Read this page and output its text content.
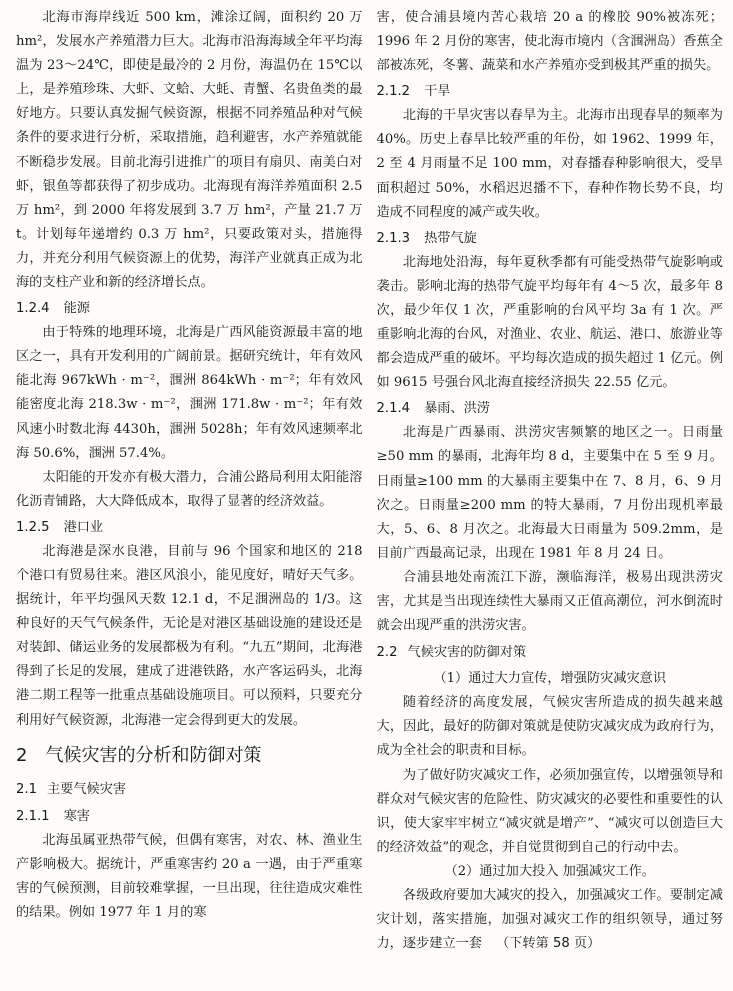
北海市海岸线近 500 km，滩涂辽阔，面积约 20 万 hm²，发展水产养殖潜力巨大。北海市沿海海域全年平均海温为 23～24℃，即使是最冷的 2 月份，海温仍在 15℃以上，是养殖珍珠、大虾、文蛤、大蚝、青蟹、名贵鱼类的最好地方。只要认真发掘气候资源，根据不同养殖品种对气候条件的要求进行分析，采取措施，趋利避害，水产养殖就能不断稳步发展。目前北海引进推广的项目有扇贝、南美白对虾，银鱼等都获得了初步成功。北海现有海洋养殖面积 2.5 万 hm²，到 2000 年将发展到 3.7 万 hm²，产量 21.7 万 t。计划每年递增约 0.3 万 hm²，只要政策对头，措施得力，并充分利用气候资源上的优势，海洋产业就真正成为北海的支柱产业和新的经济增长点。

1.2.4 能源

由于特殊的地理环境，北海是广西风能资源最丰富的地区之一，具有开发利用的广阔前景。据研究统计，年有效风能北海 967kWh · m⁻²，涠洲 864kWh · m⁻²；年有效风能密度北海 218.3w · m⁻²，涠洲 171.8w · m⁻²；年有效风速小时数北海 4430h，涠洲 5028h；年有效风速频率北海 50.6%，涠洲 57.4%。

太阳能的开发亦有极大潜力，合浦公路局利用太阳能溶化沥青铺路，大大降低成本，取得了显著的经济效益。

1.2.5 港口业

北海港是深水良港，目前与 96 个国家和地区的 218 个港口有贸易往来。港区风浪小，能见度好，晴好天气多。据统计，年平均强风天数 12.1 d，不足涠洲岛的 1/3。这种良好的天气气候条件，无论是对港区基础设施的建设还是对装卸、储运业务的发展都极为有利。“九五”期间，北海港得到了长足的发展，建成了进港铁路，水产客运码头，北海港二期工程等一批重点基础设施项目。可以预料，只要充分利用好气候资源，北海港一定会得到更大的发展。

2 气候灾害的分析和防御对策
2.1 主要气候灾害
2.1.1 寒害

北海虽属亚热带气候，但偶有寒害，对农、林、渔业生产影响极大。据统计，严重寒害约 20 a 一遇，由于严重寒害的气候预测，目前较难掌握，一旦出现，往往造成灾难性的结果。例如 1977 年 1 月的寒

害，使合浦县境内苦心栽培 20 a 的橡胶 90%被冻死；1996 年 2 月份的寒害，使北海市境内（含涠洲岛）香蕉全部被冻死，冬薯、蔬菜和水产养殖亦受到极其严重的损失。

2.1.2 干旱

北海的干旱灾害以春旱为主。北海市出现春旱的频率为 40%。历史上春旱比较严重的年份，如 1962、1999 年，2 至 4 月雨量不足 100 mm，对春播春种影响很大，受旱面积超过 50%，水稻迟迟播不下，春种作物长势不良，均造成不同程度的减产或失收。

2.1.3 热带气旋

北海地处沿海，每年夏秋季都有可能受热带气旋影响或袭击。影响北海的热带气旋平均每年有 4～5 次，最多年 8 次，最少年仅 1 次，严重影响的台风平均 3a 有 1 次。严重影响北海的台风，对渔业、农业、航运、港口、旅游业等都会造成严重的破坏。平均每次造成的损失超过 1 亿元。例如 9615 号强台风北海直接经济损失 22.55 亿元。

2.1.4 暴雨、洪涝

北海是广西暴雨、洪涝灾害频繁的地区之一。日雨量≥50 mm 的暴雨，北海年均 8 d，主要集中在 5 至 9 月。日雨量≥100 mm 的大暴雨主要集中在 7、8 月，6、9 月次之。日雨量≥200 mm 的特大暴雨，7 月份出现机率最大，5、6、8 月次之。北海最大日雨量为 509.2mm，是目前广西最高记录，出现在 1981 年 8 月 24 日。

合浦县地处南流江下游，濒临海洋，极易出现洪涝灾害，尤其是当出现连续性大暴雨又正值高潮位，河水倒流时就会出现严重的洪涝灾害。

2.2 气候灾害的防御对策

（1）通过大力宣传，增强防灾减灾意识

随着经济的高度发展，气候灾害所造成的损失越来越大，因此，最好的防御对策就是使防灾减灾成为政府行为，成为全社会的职责和目标。

为了做好防灾减灾工作，必须加强宣传，以增强领导和群众对气候灾害的危险性、防灾减灾的必要性和重要性的认识，使大家牢牢树立“减灾就是增产”、“减灾可以创造巨大的经济效益”的观念，并自觉贯彻到自己的行动中去。

（2）通过加大投入 加强减灾工作。

各级政府要加大减灾的投入，加强减灾工作。要制定减灾计划，落实措施，加强对减灾工作的组织领导，通过努力，逐步建立一套 （下转第 58 页）
